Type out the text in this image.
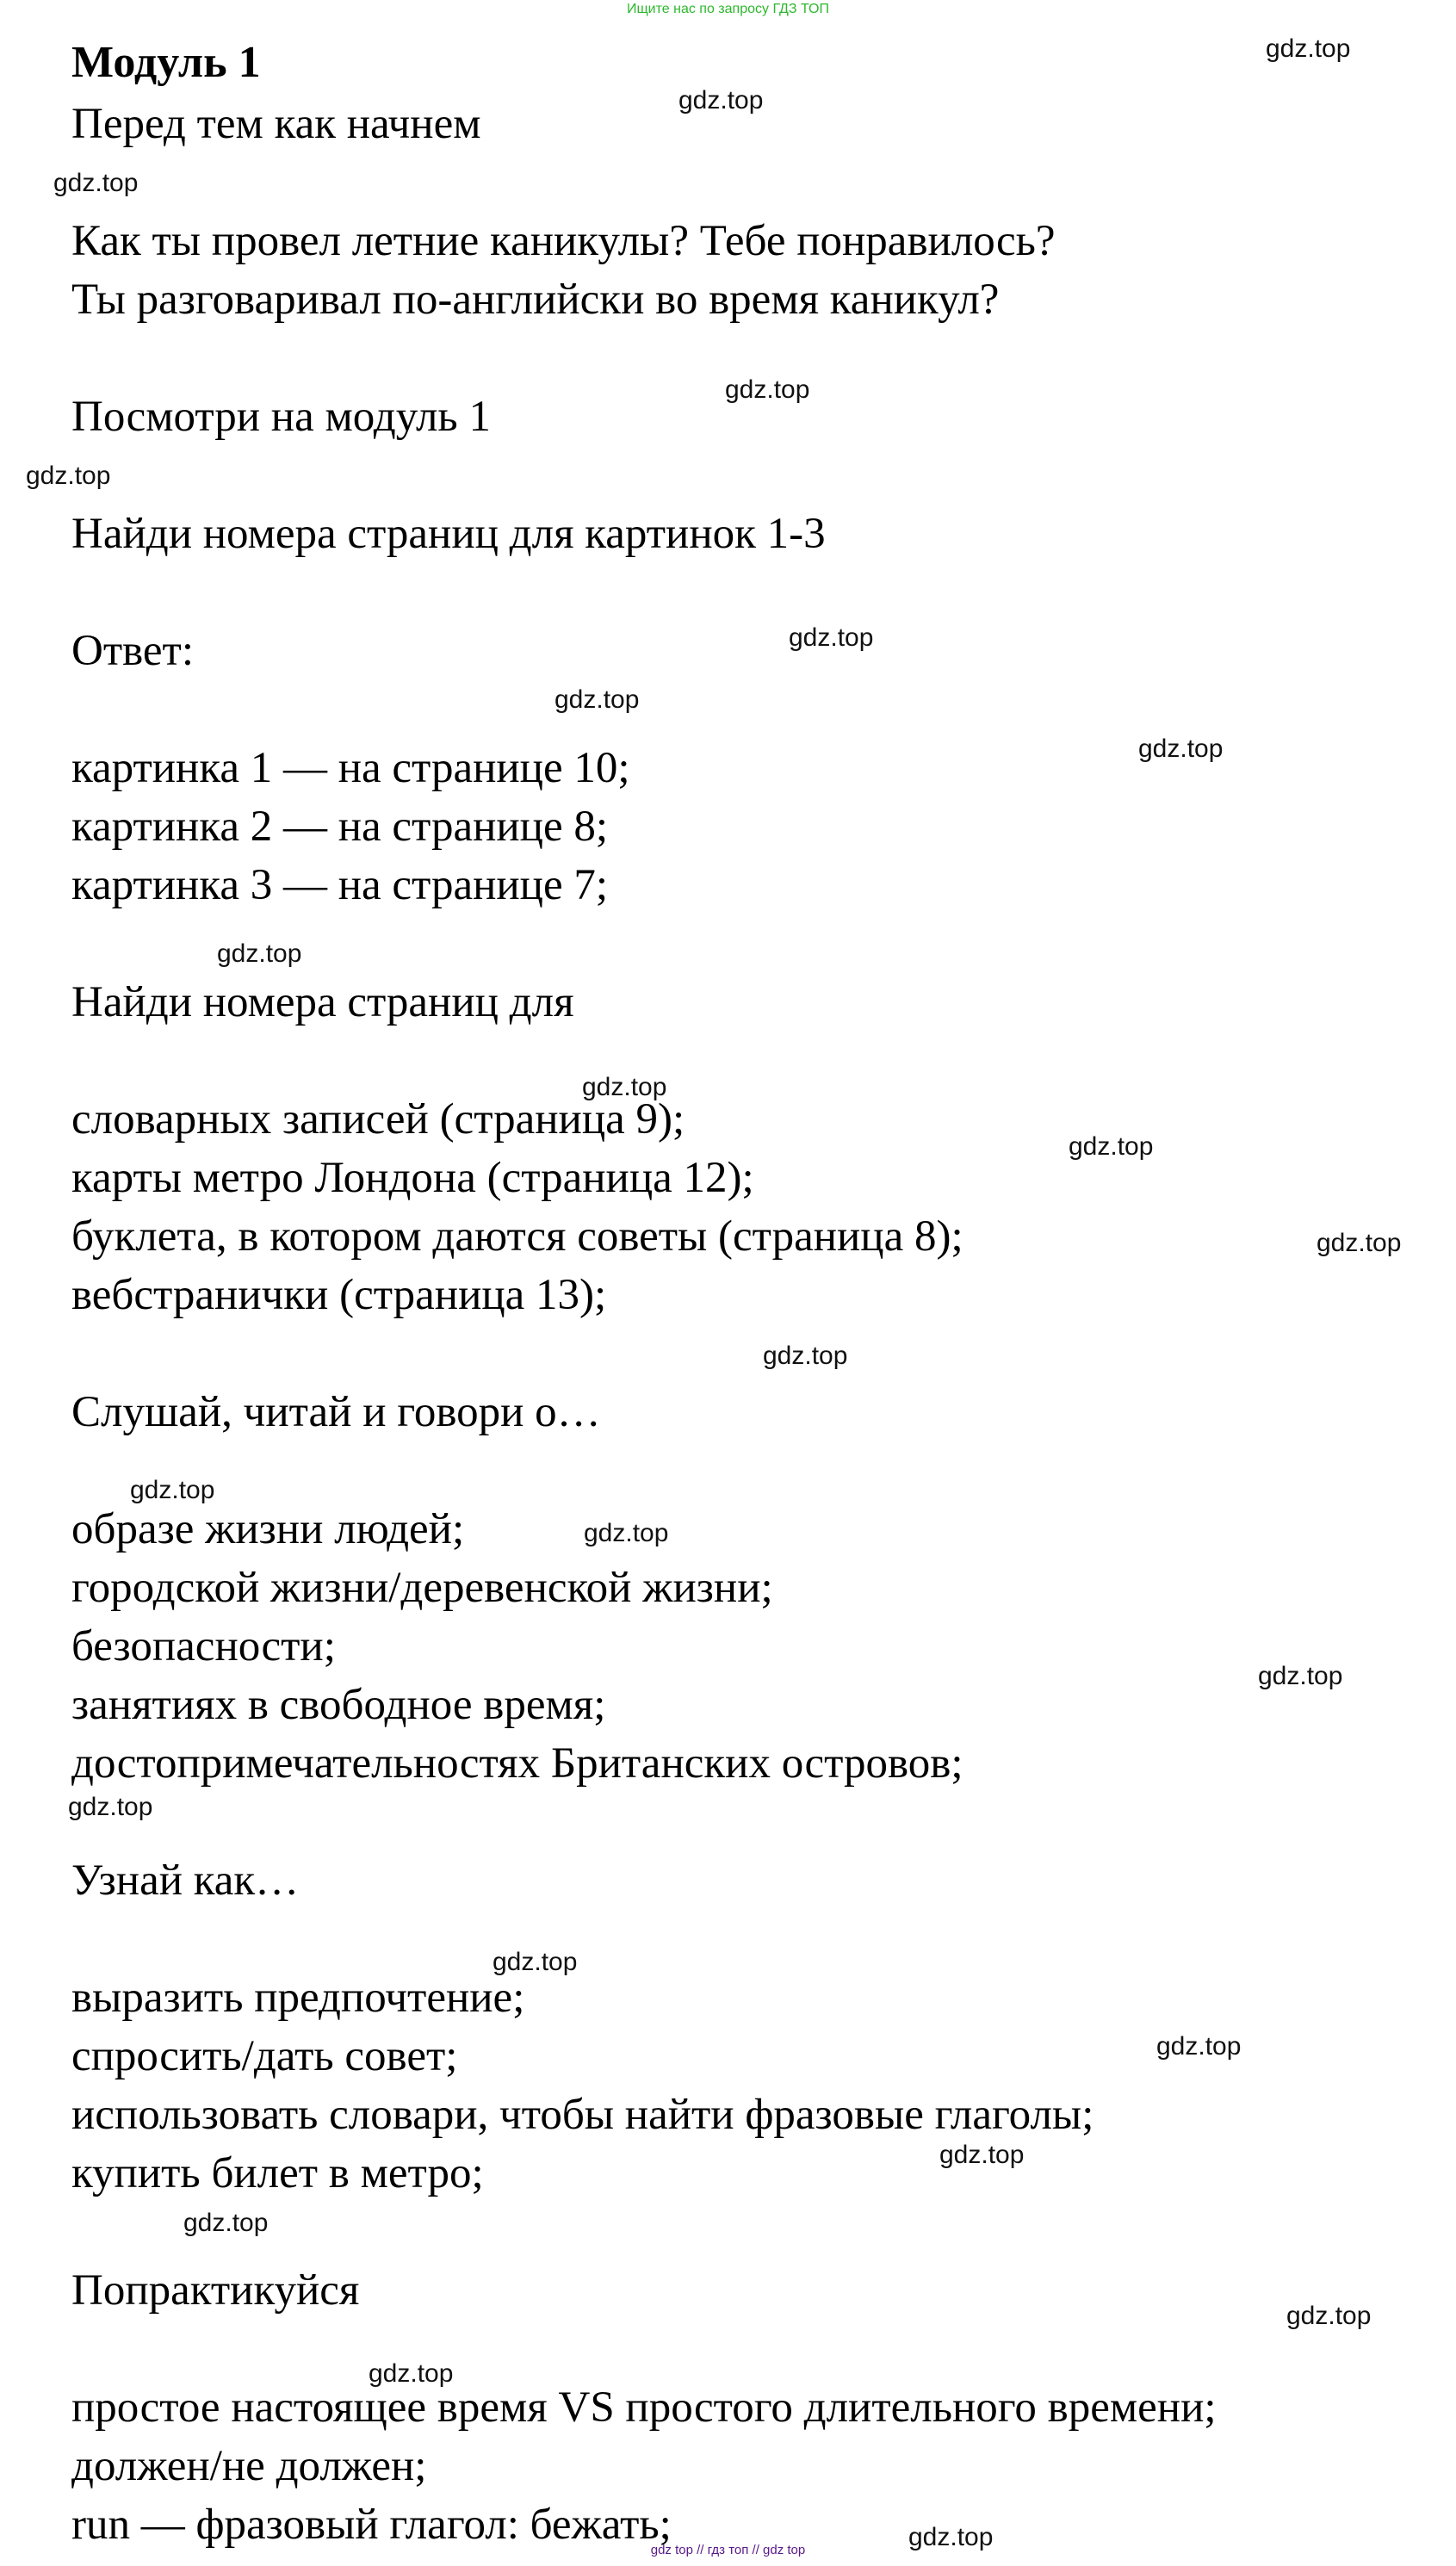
Ищите нас по запросу ГДЗ ТОП
Модуль 1
Перед тем как начнем
Как ты провел летние каникулы? Тебе понравилось?
Ты разговаривал по-английски во время каникул?
Посмотри на модуль 1
Найди номера страниц для картинок 1-3
Ответ:
картинка 1 — на странице 10;
картинка 2 — на странице 8;
картинка 3 — на странице 7;
Найди номера страниц для
словарных записей (страница 9);
карты метро Лондона (страница 12);
буклета, в котором даются советы (страница 8);
вебстранички (страница 13);
Слушай, читай и говори о…
образе жизни людей;
городской жизни/деревенской жизни;
безопасности;
занятиях в свободное время;
достопримечательностях Британских островов;
Узнай как…
выразить предпочтение;
спросить/дать совет;
использовать словари, чтобы найти фразовые глаголы;
купить билет в метро;
Попрактикуйся
простое настоящее время VS простого длительного времени;
должен/не должен;
run — фразовый глагол: бежать;
gdz.top
gdz.top
gdz.top
gdz.top
gdz.top
gdz.top
gdz.top
gdz.top
gdz.top
gdz.top
gdz.top
gdz.top
gdz.top
gdz.top
gdz.top
gdz.top
gdz.top
gdz.top
gdz.top
gdz.top
gdz.top
gdz.top
gdz.top
gdz.top
gdz top // гдз топ // gdz top
